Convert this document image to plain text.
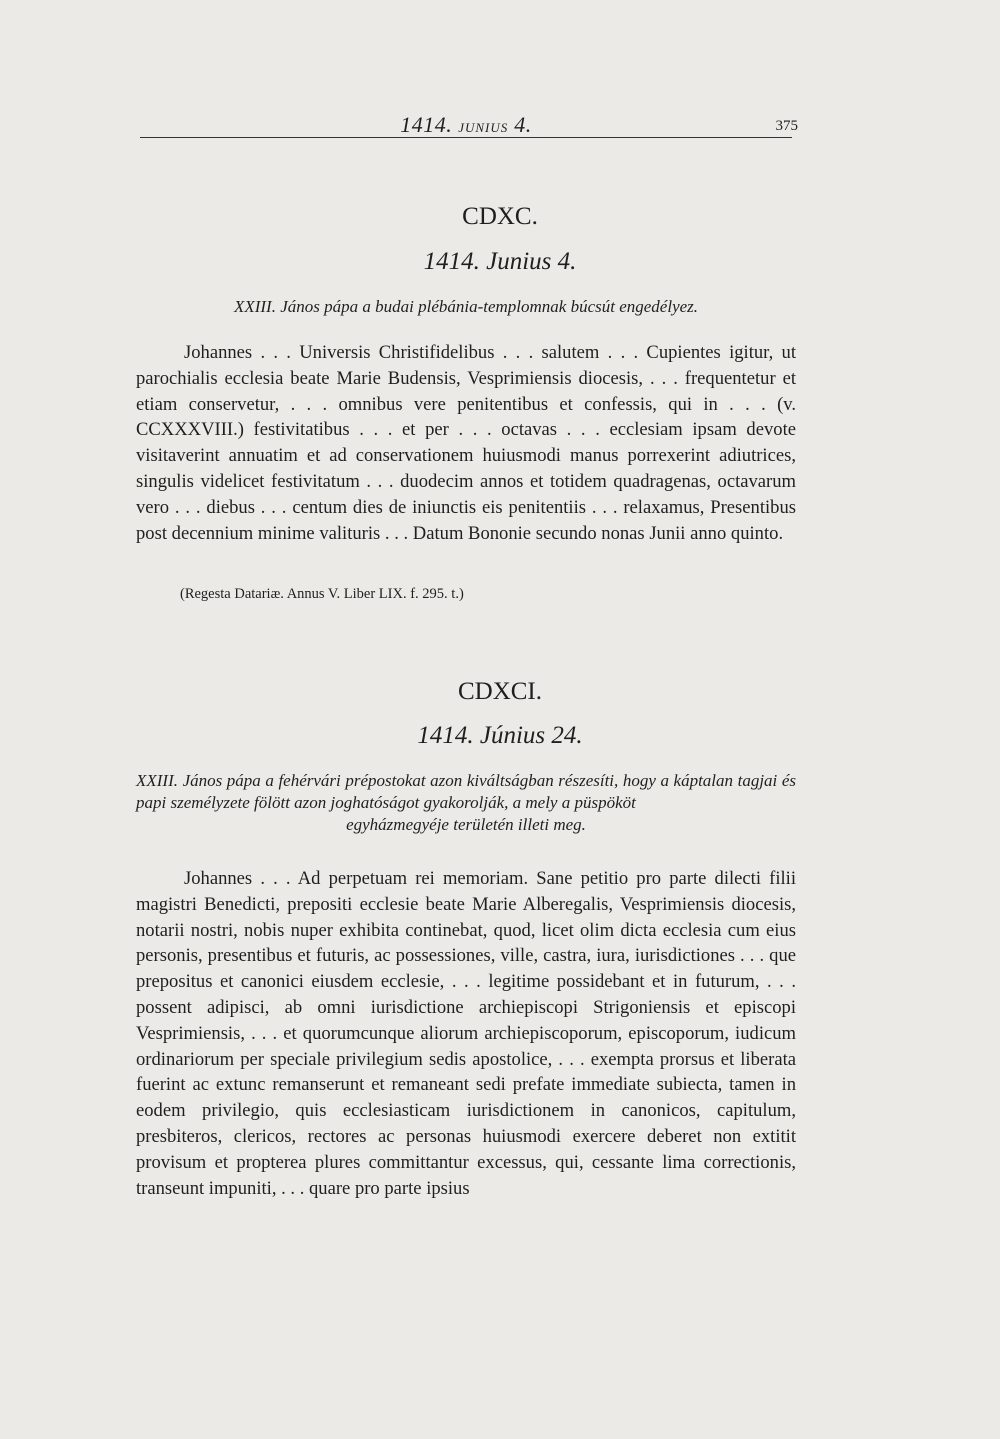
1414. JUNIUS 4.	375
CDXC.
1414. Junius 4.
XXIII. János pápa a budai plébánia-templomnak búcsút engedélyez.

Johannes . . . Universis Christifidelibus . . . salutem . . . Cupientes igitur, ut parochialis ecclesia beate Marie Budensis, Vesprimiensis diocesis, . . . frequentetur et etiam conservetur, . . . omnibus vere penitentibus et confessis, qui in . . . (v. CCXXXVIII.) festivitatibus . . . et per . . . octavas . . . ecclesiam ipsam devote visitaverint annuatim et ad conservationem huiusmodi manus porrexerint adiutrices, singulis videlicet festivitatum . . . duodecim annos et totidem quadragenas, octavarum vero . . . diebus . . . centum dies de iniunctis eis penitentiis . . . relaxamus, Presentibus post decennium minime valituris . . . Datum Bononie secundo nonas Junii anno quinto.

(Regesta Datariæ. Annus V. Liber LIX. f. 295. t.)
CDXCI.
1414. Június 24.
XXIII. János pápa a fehérvári prépostokat azon kiváltságban részesíti, hogy a káptalan tagjai és papi személyzete fölött azon joghatóságot gyakorolják, a mely a püspököt
egyházmegyéje területén illeti meg.

Johannes . . . Ad perpetuam rei memoriam. Sane petitio pro parte dilecti filii magistri Benedicti, prepositi ecclesie beate Marie Alberegalis, Vesprimiensis diocesis, notarii nostri, nobis nuper exhibita continebat, quod, licet olim dicta ecclesia cum eius personis, presentibus et futuris, ac possessiones, ville, castra, iura, iurisdictiones . . . que prepositus et canonici eiusdem ecclesie, . . . legitime possidebant et in futurum, . . . possent adipisci, ab omni iurisdictione archiepiscopi Strigoniensis et episcopi Vesprimiensis, . . . et quorumcunque aliorum archiepiscoporum, episcoporum, iudicum ordinariorum per speciale privilegium sedis apostolice, . . . exempta prorsus et liberata fuerint ac extunc remanserunt et remaneant sedi prefate immediate subiecta, tamen in eodem privilegio, quis ecclesiasticam iurisdictionem in canonicos, capitulum, presbiteros, clericos, rectores ac personas huiusmodi exercere deberet non extitit provisum et propterea plures committantur excessus, qui, cessante lima correctionis, transeunt impuniti, . . . quare pro parte ipsius
